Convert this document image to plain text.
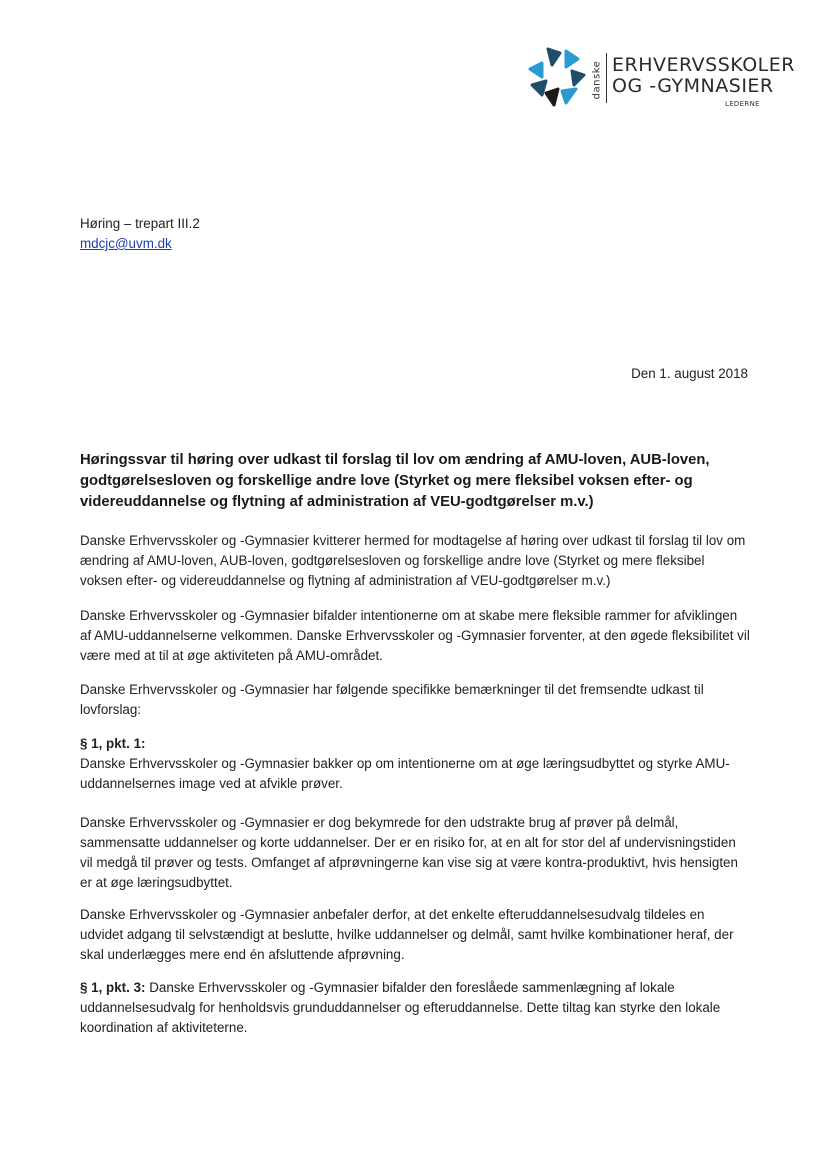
danske ERHVERVSSKOLER
OG -GYMNASIER
LEDERNE
Høring – trepart III.2
mdcjc@uvm.dk
Den 1. august 2018
Høringssvar til høring over udkast til forslag til lov om ændring af AMU-loven, AUB-loven, godtgørelsesloven og forskellige andre love (Styrket og mere fleksibel voksen efter- og videreuddannelse og flytning af administration af VEU-godtgørelser m.v.)
Danske Erhvervsskoler og -Gymnasier kvitterer hermed for modtagelse af høring over udkast til forslag til lov om ændring af AMU-loven, AUB-loven, godtgørelsesloven og forskellige andre love (Styrket og mere fleksibel voksen efter- og videreuddannelse og flytning af administration af VEU-godtgørelser m.v.)
Danske Erhvervsskoler og -Gymnasier bifalder intentionerne om at skabe mere fleksible rammer for afviklingen af AMU-uddannelserne velkommen. Danske Erhvervsskoler og -Gymnasier forventer, at den øgede fleksibilitet vil være med at til at øge aktiviteten på AMU-området.
Danske Erhvervsskoler og -Gymnasier har følgende specifikke bemærkninger til det fremsendte udkast til lovforslag:
§ 1, pkt. 1:
Danske Erhvervsskoler og -Gymnasier bakker op om intentionerne om at øge læringsudbyttet og styrke AMU-uddannelsernes image ved at afvikle prøver.
Danske Erhvervsskoler og -Gymnasier er dog bekymrede for den udstrakte brug af prøver på delmål, sammensatte uddannelser og korte uddannelser. Der er en risiko for, at en alt for stor del af undervisningstiden vil medgå til prøver og tests. Omfanget af afprøvningerne kan vise sig at være kontra-produktivt, hvis hensigten er at øge læringsudbyttet.
Danske Erhvervsskoler og -Gymnasier anbefaler derfor, at det enkelte efteruddannelsesudvalg tildeles en udvidet adgang til selvstændigt at beslutte, hvilke uddannelser og delmål, samt hvilke kombinationer heraf, der skal underlægges mere end én afsluttende afprøvning.
§ 1, pkt. 3: Danske Erhvervsskoler og -Gymnasier bifalder den foreslåede sammenlægning af lokale uddannelsesudvalg for henholdsvis grunduddannelser og efteruddannelse. Dette tiltag kan styrke den lokale koordination af aktiviteterne.
